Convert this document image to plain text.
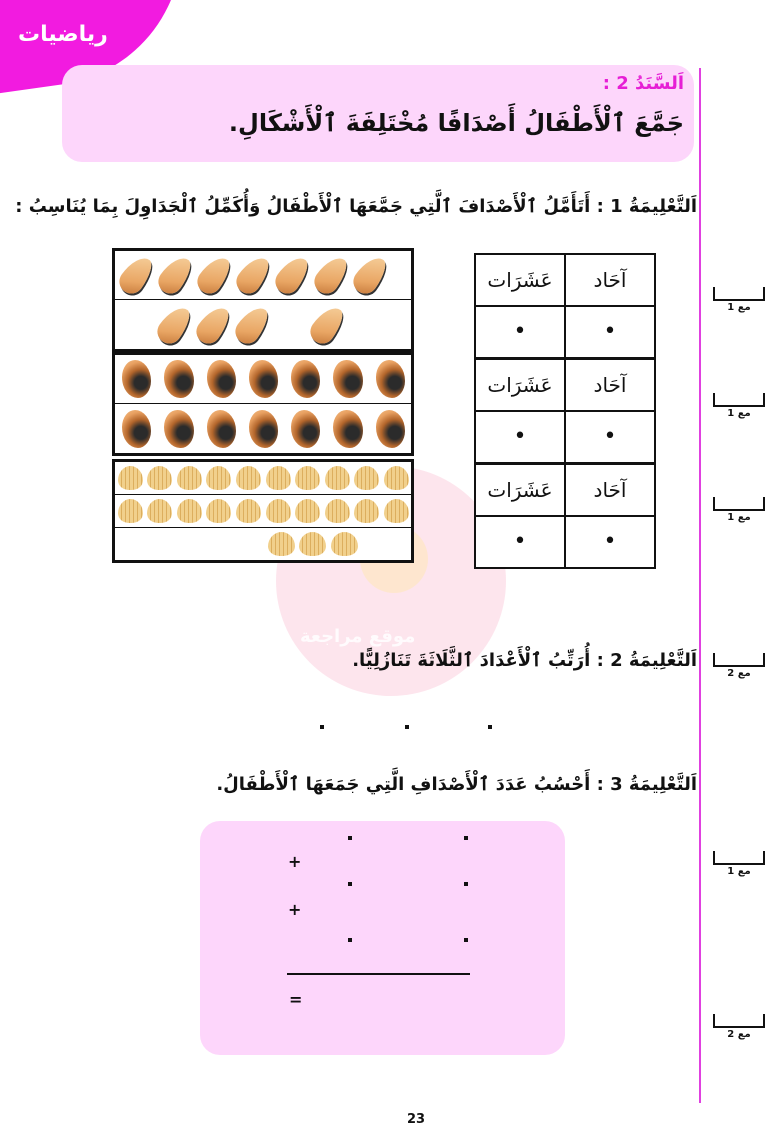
رياضيات
موقع مراجعة
اَلسَّنَدُ 2 :
جَمَّعَ ٱلْأَطْفَالُ أَصْدَافًا مُخْتَلِفَةَ ٱلْأَشْكَالِ.
اَلتَّعْلِيمَةُ 1 : أَتَأَمَّلُ ٱلْأَصْدَافَ ٱلَّتِي جَمَّعَهَا ٱلْأَطْفَالُ وَأُكَمِّلُ ٱلْجَدَاوِلَ بِمَا يُنَاسِبُ :
عَشَرَات	آحَاد
•	•
عَشَرَات	آحَاد
•	•
عَشَرَات	آحَاد
•	•
اَلتَّعْلِيمَةُ 2 : أُرَتِّبُ ٱلْأَعْدَادَ ٱلثَّلَاثَةَ تَنَازُلِيًّا.
اَلتَّعْلِيمَةُ 3 : أَحْسُبُ عَدَدَ ٱلْأَصْدَافِ الَّتِي جَمَعَهَا ٱلْأَطْفَالُ.
+
+
=
مع 1
مع 1
مع 1
مع 2
مع 1
مع 2
23
